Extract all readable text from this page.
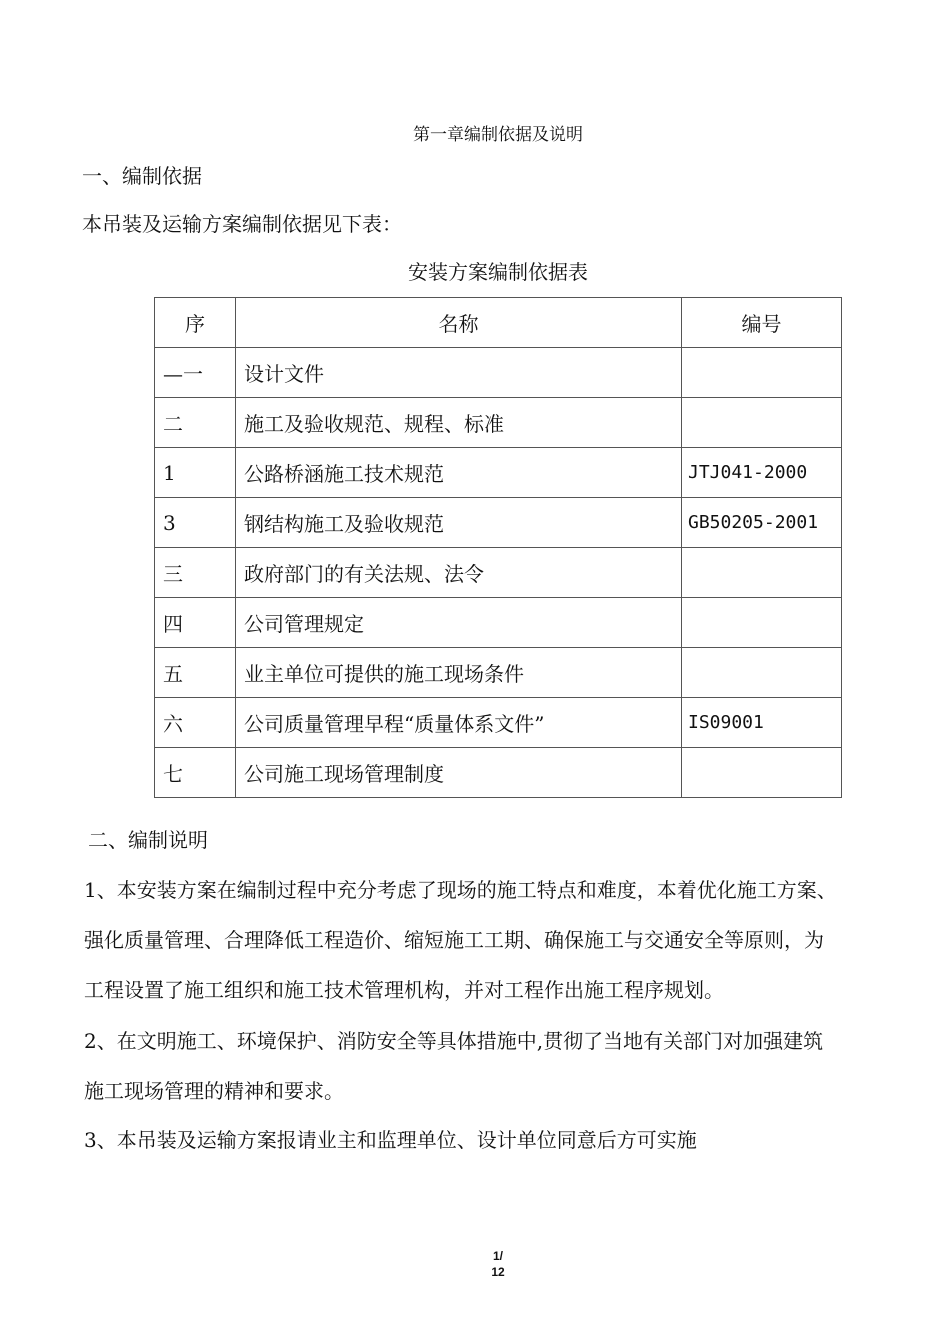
第一章编制依据及说明
一、编制依据
本吊装及运输方案编制依据见下表：
安装方案编制依据表
序	名称	编号
—一	设计文件	
二	施工及验收规范、规程、标准	
1	公路桥涵施工技术规范	JTJ041-2000
3	钢结构施工及验收规范	GB50205-2001
三	政府部门的有关法规、法令	
四	公司管理规定	
五	业主单位可提供的施工现场条件	
六	公司质量管理早程“质量体系文件”	IS09001
七	公司施工现场管理制度	
二、编制说明
1、本安装方案在编制过程中充分考虑了现场的施工特点和难度，本着优化施工方案、
强化质量管理、合理降低工程造价、缩短施工工期、确保施工与交通安全等原则，为
工程设置了施工组织和施工技术管理机构，并对工程作出施工程序规划。
2、在文明施工、环境保护、消防安全等具体措施中,贯彻了当地有关部门对加强建筑
施工现场管理的精神和要求。
3、本吊装及运输方案报请业主和监理单位、设计单位同意后方可实施
1/
12
